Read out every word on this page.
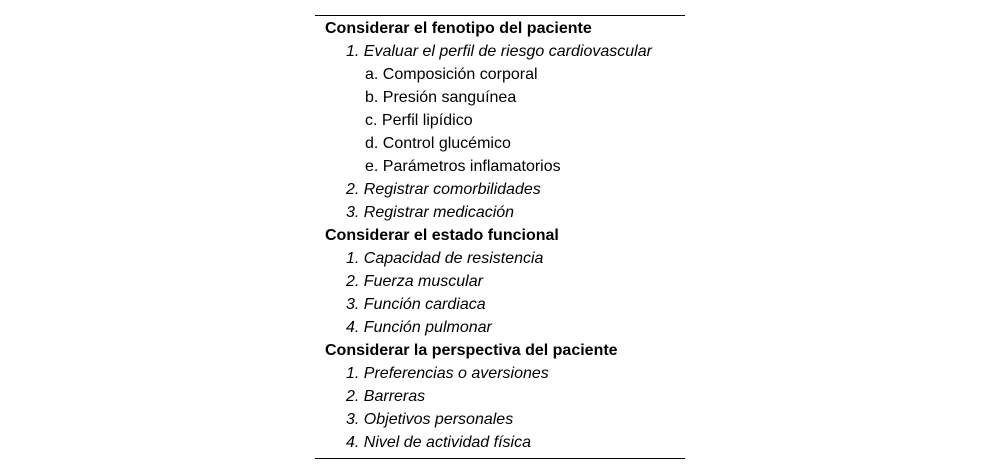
Considerar el fenotipo del paciente
1. Evaluar el perfil de riesgo cardiovascular
a. Composición corporal
b. Presión sanguínea
c. Perfil lipídico
d. Control glucémico
e. Parámetros inflamatorios
2. Registrar comorbilidades
3. Registrar medicación
Considerar el estado funcional
1. Capacidad de resistencia
2. Fuerza muscular
3. Función cardiaca
4. Función pulmonar
Considerar la perspectiva del paciente
1. Preferencias o aversiones
2. Barreras
3. Objetivos personales
4. Nivel de actividad física
